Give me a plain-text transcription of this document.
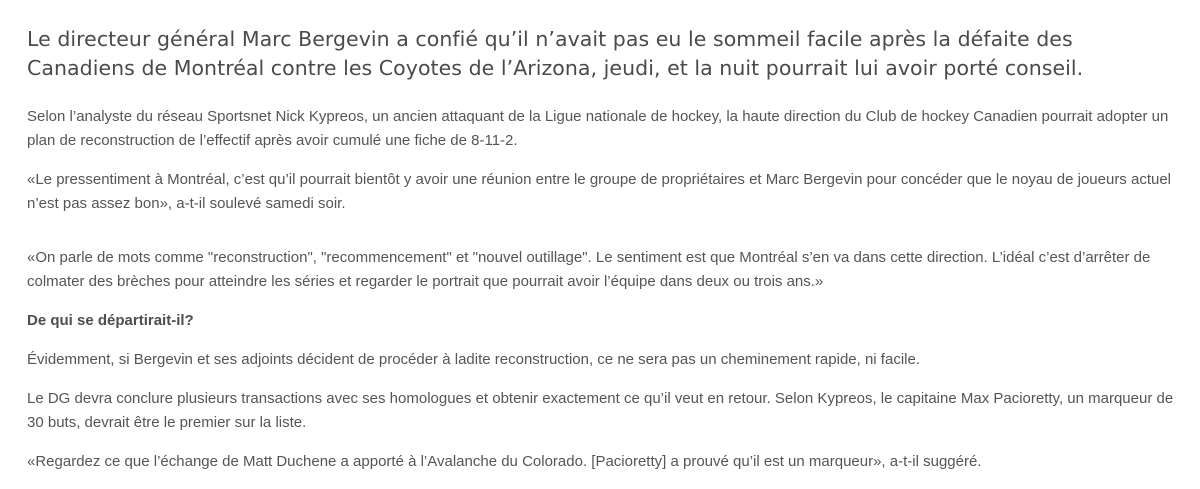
Le directeur général Marc Bergevin a confié qu’il n’avait pas eu le sommeil facile après la défaite des Canadiens de Montréal contre les Coyotes de l’Arizona, jeudi, et la nuit pourrait lui avoir porté conseil.

Selon l’analyste du réseau Sportsnet Nick Kypreos, un ancien attaquant de la Ligue nationale de hockey, la haute direction du Club de hockey Canadien pourrait adopter un plan de reconstruction de l’effectif après avoir cumulé une fiche de 8-11-2.

«Le pressentiment à Montréal, c’est qu’il pourrait bientôt y avoir une réunion entre le groupe de propriétaires et Marc Bergevin pour concéder que le noyau de joueurs actuel n’est pas assez bon», a-t-il soulevé samedi soir.

«On parle de mots comme "reconstruction", "recommencement" et "nouvel outillage". Le sentiment est que Montréal s’en va dans cette direction. L’idéal c’est d’arrêter de colmater des brèches pour atteindre les séries et regarder le portrait que pourrait avoir l’équipe dans deux ou trois ans.»

De qui se départirait-il?

Évidemment, si Bergevin et ses adjoints décident de procéder à ladite reconstruction, ce ne sera pas un cheminement rapide, ni facile.

Le DG devra conclure plusieurs transactions avec ses homologues et obtenir exactement ce qu’il veut en retour. Selon Kypreos, le capitaine Max Pacioretty, un marqueur de 30 buts, devrait être le premier sur la liste.

«Regardez ce que l’échange de Matt Duchene a apporté à l’Avalanche du Colorado. [Pacioretty] a prouvé qu’il est un marqueur», a-t-il suggéré.
